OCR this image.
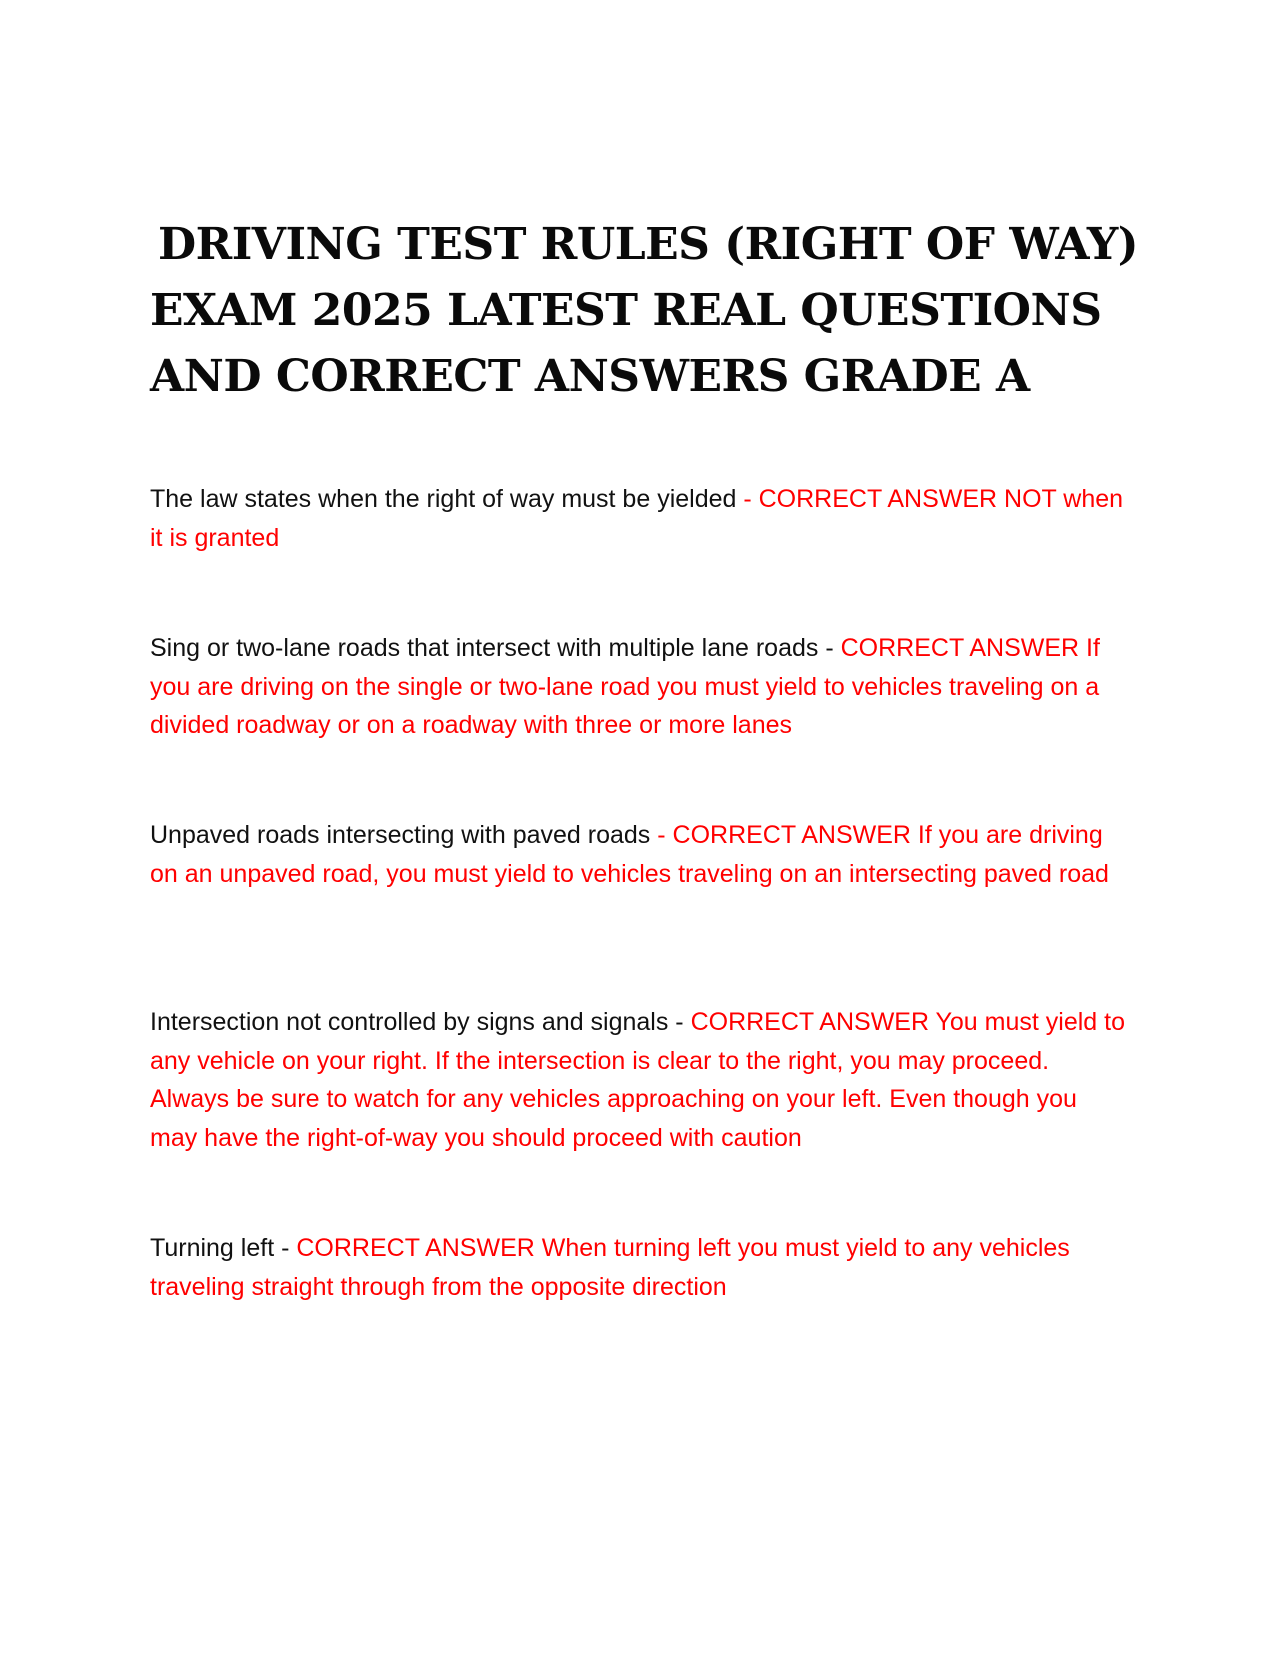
DRIVING TEST RULES (RIGHT OF WAY)
EXAM 2025 LATEST REAL QUESTIONS
AND CORRECT ANSWERS GRADE A

The law states when the right of way must be yielded - CORRECT ANSWER NOT when it is granted

Sing or two-lane roads that intersect with multiple lane roads - CORRECT ANSWER If you are driving on the single or two-lane road you must yield to vehicles traveling on a divided roadway or on a roadway with three or more lanes

Unpaved roads intersecting with paved roads - CORRECT ANSWER If you are driving on an unpaved road, you must yield to vehicles traveling on an intersecting paved road

Intersection not controlled by signs and signals - CORRECT ANSWER You must yield to any vehicle on your right. If the intersection is clear to the right, you may proceed. Always be sure to watch for any vehicles approaching on your left. Even though you may have the right-of-way you should proceed with caution

Turning left - CORRECT ANSWER When turning left you must yield to any vehicles traveling straight through from the opposite direction
